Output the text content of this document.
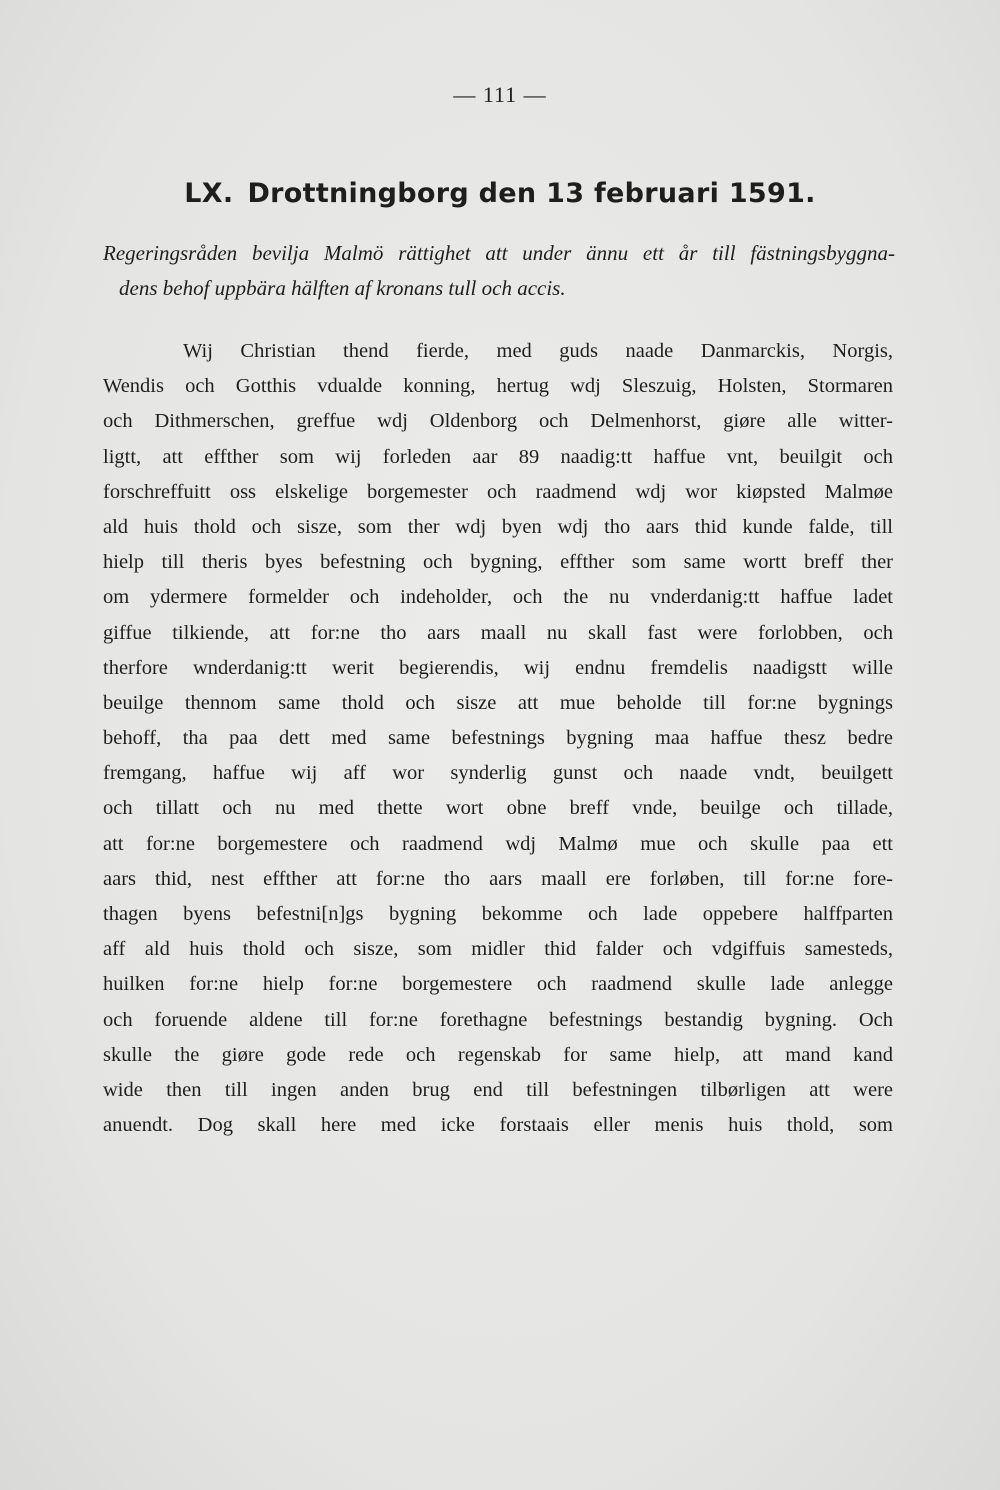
— 111 —
LX. Drottningborg den 13 februari 1591.
Regeringsråden bevilja Malmö rättighet att under ännu ett år till fästningsbyggna-
dens behof uppbära hälften af kronans tull och accis.
Wij Christian thend fierde, med guds naade Danmarckis, Norgis,
Wendis och Gotthis vdualde konning, hertug wdj Sleszuig, Holsten, Stormaren
och Dithmerschen, greffue wdj Oldenborg och Delmenhorst, giøre alle witter-
ligtt, att effther som wij forleden aar 89 naadig:tt haffue vnt, beuilgit och
forschreffuitt oss elskelige borgemester och raadmend wdj wor kiøpsted Malmøe
ald huis thold och sisze, som ther wdj byen wdj tho aars thid kunde falde, till
hielp till theris byes befestning och bygning, effther som same wortt breff ther
om ydermere formelder och indeholder, och the nu vnderdanig:tt haffue ladet
giffue tilkiende, att for:ne tho aars maall nu skall fast were forlobben, och
therfore wnderdanig:tt werit begierendis, wij endnu fremdelis naadigstt wille
beuilge thennom same thold och sisze att mue beholde till for:ne bygnings
behoff, tha paa dett med same befestnings bygning maa haffue thesz bedre
fremgang, haffue wij aff wor synderlig gunst och naade vndt, beuilgett
och tillatt och nu med thette wort obne breff vnde, beuilge och tillade,
att for:ne borgemestere och raadmend wdj Malmø mue och skulle paa ett
aars thid, nest effther att for:ne tho aars maall ere forløben, till for:ne fore-
thagen byens befestni[n]gs bygning bekomme och lade oppebere halffparten
aff ald huis thold och sisze, som midler thid falder och vdgiffuis samesteds,
huilken for:ne hielp for:ne borgemestere och raadmend skulle lade anlegge
och foruende aldene till for:ne forethagne befestnings bestandig bygning. Och
skulle the giøre gode rede och regenskab for same hielp, att mand kand
wide then till ingen anden brug end till befestningen tilbørligen att were
anuendt. Dog skall here med icke forstaais eller menis huis thold, som
